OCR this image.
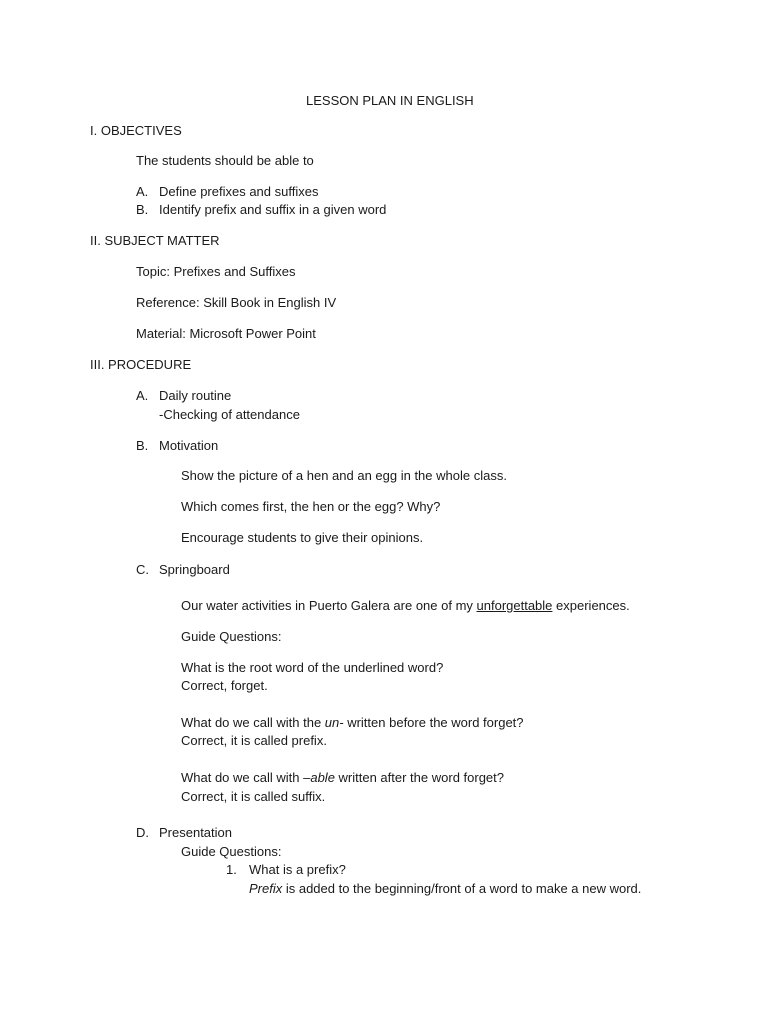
LESSON PLAN IN ENGLISH
I. OBJECTIVES
The students should be able to
A. Define prefixes and suffixes
B. Identify prefix and suffix in a given word
II. SUBJECT MATTER
Topic: Prefixes and Suffixes
Reference: Skill Book in English IV
Material: Microsoft Power Point
III. PROCEDURE
A. Daily routine
-Checking of attendance
B. Motivation
Show the picture of a hen and an egg in the whole class.
Which comes first, the hen or the egg? Why?
Encourage students to give their opinions.
C. Springboard
Our water activities in Puerto Galera are one of my unforgettable experiences.
Guide Questions:
What is the root word of the underlined word?
Correct, forget.
What do we call with the un- written before the word forget?
Correct, it is called prefix.
What do we call with –able written after the word forget?
Correct, it is called suffix.
D. Presentation
Guide Questions:
1. What is a prefix?
Prefix is added to the beginning/front of a word to make a new word.
